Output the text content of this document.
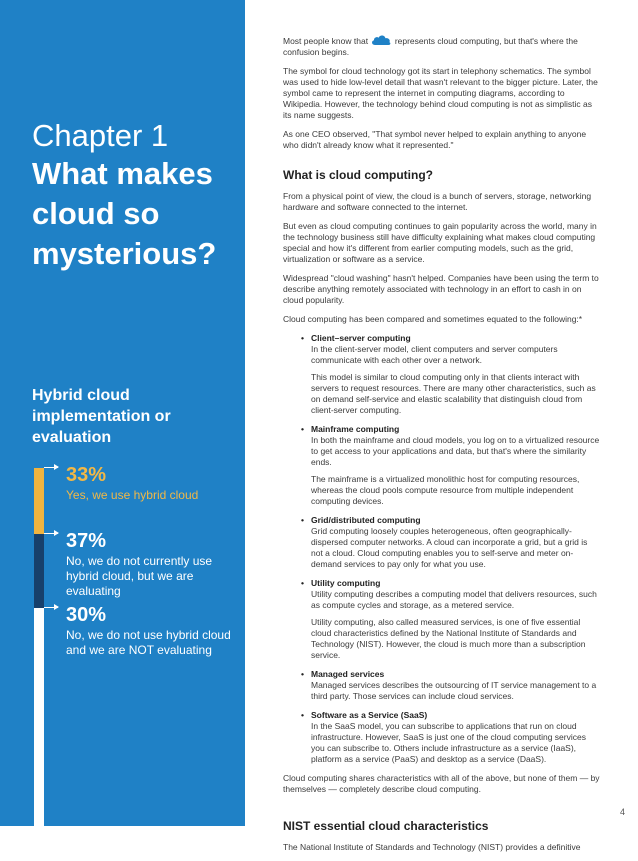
Chapter 1
What makes cloud so mysterious?
Hybrid cloud implementation or evaluation
33%
Yes, we use hybrid cloud
37%
No, we do not currently use hybrid cloud, but we are evaluating
30%
No, we do not use hybrid cloud and we are NOT evaluating

Most people know that	represents cloud computing, but that's where the confusion begins.

The symbol for cloud technology got its start in telephony schematics. The symbol was used to hide low-level detail that wasn't relevant to the bigger picture. Later, the symbol came to represent the internet in computing diagrams, according to Wikipedia. However, the technology behind cloud computing is not as simplistic as its name suggests.

As one CEO observed, "That symbol never helped to explain anything to anyone who didn't already know what it represented."

What is cloud computing?

From a physical point of view, the cloud is a bunch of servers, storage, networking hardware and software connected to the internet.

But even as cloud computing continues to gain popularity across the world, many in the technology business still have difficulty explaining what makes cloud computing special and how it's different from earlier computing models, such as the grid, virtualization or software as a service.

Widespread "cloud washing" hasn't helped. Companies have been using the term to describe anything remotely associated with technology in an effort to cash in on cloud popularity.

Cloud computing has been compared and sometimes equated to the following:*

• Client–server computing

In the client-server model, client computers and server computers communicate with each other over a network.

This model is similar to cloud computing only in that clients interact with servers to request resources. There are many other characteristics, such as on demand self-service and elastic scalability that distinguish cloud from client-server computing.

• Mainframe computing

In both the mainframe and cloud models, you log on to a virtualized resource to get access to your applications and data, but that's where the similarity ends.

The mainframe is a virtualized monolithic host for computing resources, whereas the cloud pools compute resource from multiple independent computing devices.

• Grid/distributed computing

Grid computing loosely couples heterogeneous, often geographically-dispersed computer networks. A cloud can incorporate a grid, but a grid is not a cloud. Cloud computing enables you to self-serve and meter on-demand services to pay only for what you use.

• Utility computing

Utility computing describes a computing model that delivers resources, such as compute cycles and storage, as a metered service.

Utility computing, also called measured services, is one of five essential cloud characteristics defined by the National Institute of Standards and Technology (NIST). However, the cloud is much more than a subscription service.

• Managed services

Managed services describes the outsourcing of IT service management to a third party. Those services can include cloud services.

• Software as a Service (SaaS)

In the SaaS model, you can subscribe to applications that run on cloud infrastructure. However, SaaS is just one of the cloud computing services you can subscribe to. Others include infrastructure as a service (IaaS), platform as a service (PaaS) and desktop as a service (DaaS).

Cloud computing shares characteristics with all of the above, but none of them — by themselves — completely describe cloud computing.

NIST essential cloud characteristics

The National Institute of Standards and Technology (NIST) provides a definitive

4
